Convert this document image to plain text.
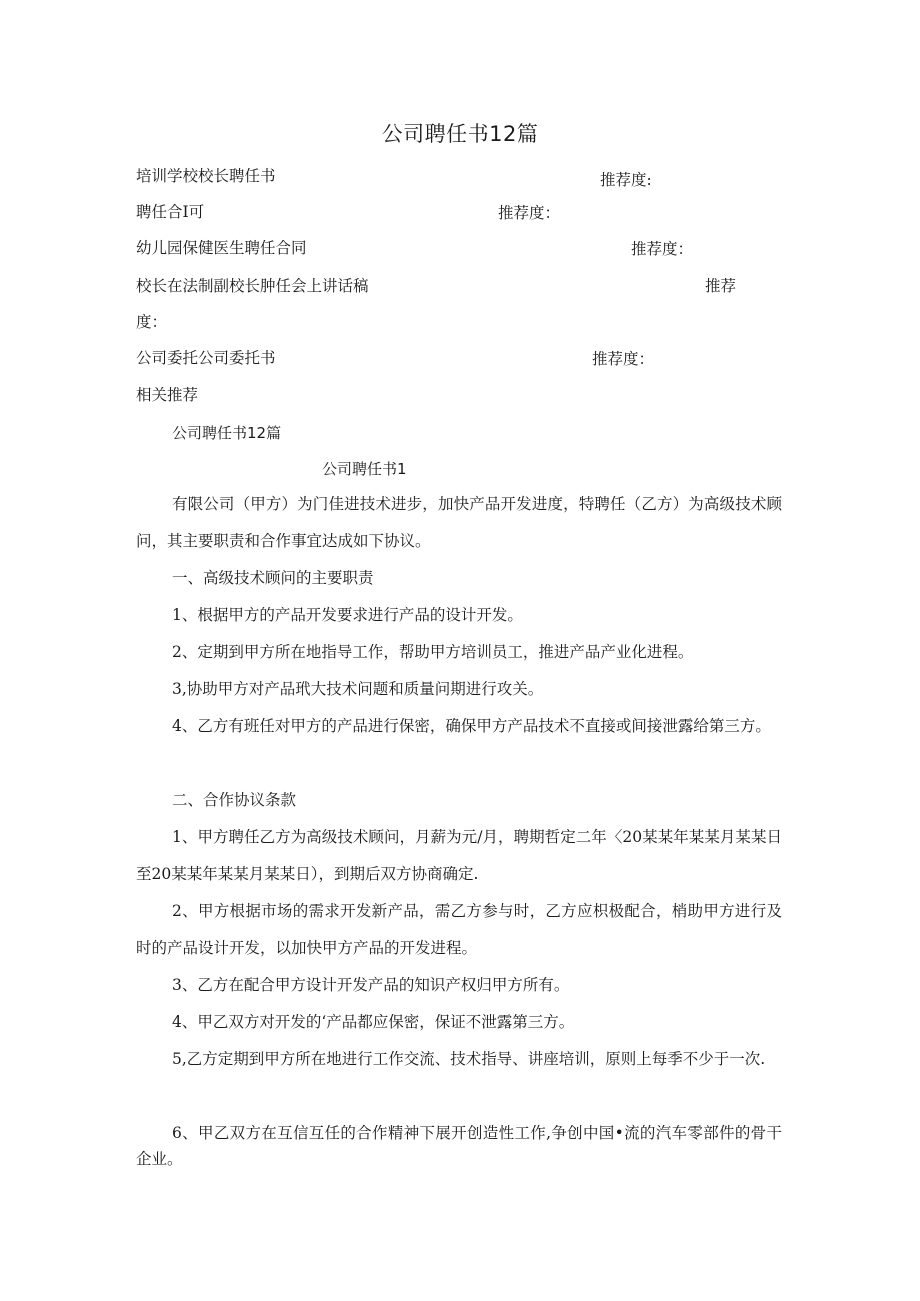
公司聘任书12篇
培训学校校长聘任书	推荐度:
聘任合I可	推荐度：
幼儿园保健医生聘任合同	推荐度：
校长在法制副校长肿任会上讲话稿	推荐
度：
公司委托公司委托书	推荐度：
相关推荐
公司聘任书12篇
公司聘任书1

有限公司（甲方）为门佳进技术进步，加快产品开发进度，特聘任（乙方）为高级技术顾问，其主要职责和合作事宜达成如下协议。

一、高级技术顾问的主要职责

1、根据甲方的产品开发要求进行产品的设计开发。

2、定期到甲方所在地指导工作，帮助甲方培训员工，推进产品产业化进程。

3,协助甲方对产品玳大技术问题和质量问期进行攻关。

4、乙方有班任对甲方的产品进行保密，确保甲方产品技术不直接或间接泄露给第三方。

二、合作协议条款

1、甲方聘任乙方为高级技术顾问，月薪为元/月，聘期哲定二年〈20某某年某某月某某日至20某某年某某月某某日），到期后双方协商确定.

2、甲方根据市场的需求开发新产品，需乙方参与时，乙方应枳极配合，梢助甲方进行及时的产品设计开发，以加快甲方产品的开发进程。

3、乙方在配合甲方设计开发产品的知识产权归甲方所有。

4、甲乙双方对开发的‘产品都应保密，保证不泄露第三方。

5,乙方定期到甲方所在地进行工作交流、技术指导、讲座培训，原则上每季不少于一次.

6、甲乙双方在互信互任的合作精神下展开创造性工作,争创中国•流的汽车零部件的骨干企业。
